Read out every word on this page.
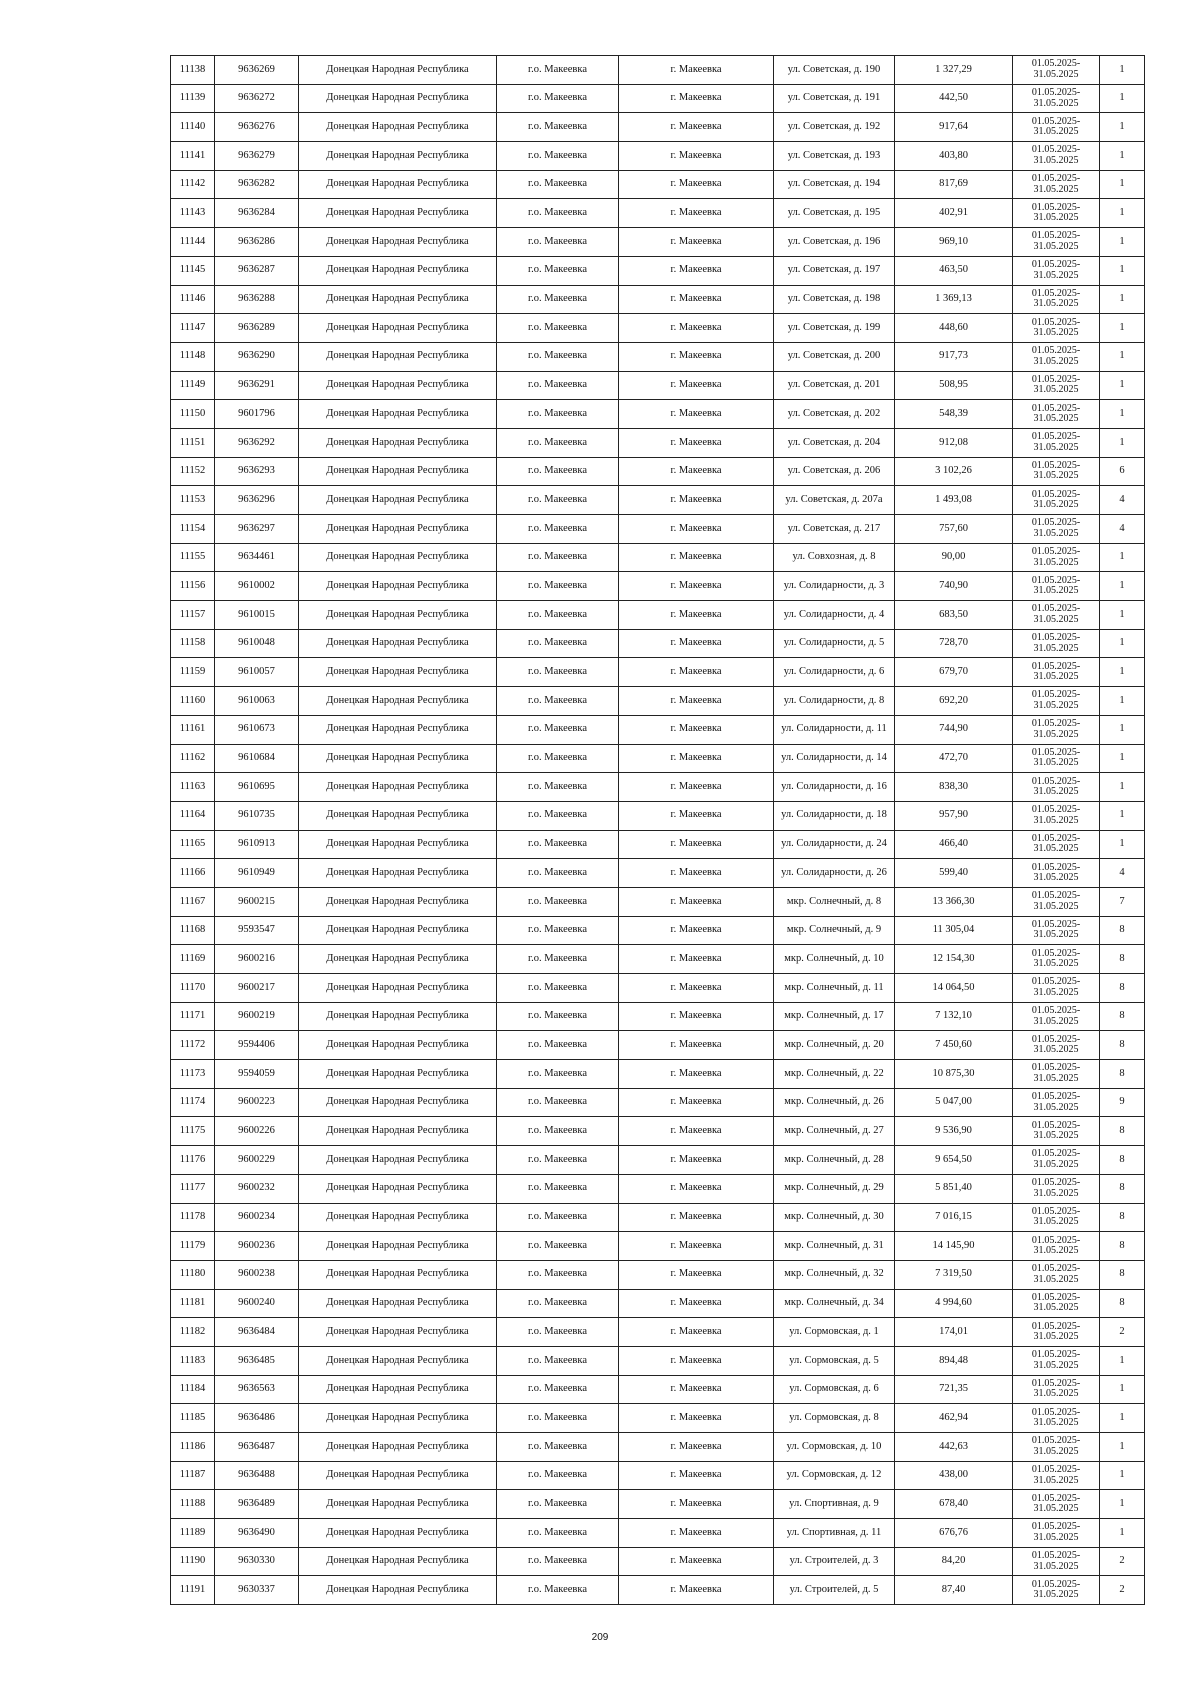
11138	9636269	Донецкая Народная Республика	г.о. Макеевка	г. Макеевка	ул. Советская, д. 190	1 327,29	01.05.2025-
31.05.2025	1
11139	9636272	Донецкая Народная Республика	г.о. Макеевка	г. Макеевка	ул. Советская, д. 191	442,50	01.05.2025-
31.05.2025	1
11140	9636276	Донецкая Народная Республика	г.о. Макеевка	г. Макеевка	ул. Советская, д. 192	917,64	01.05.2025-
31.05.2025	1
11141	9636279	Донецкая Народная Республика	г.о. Макеевка	г. Макеевка	ул. Советская, д. 193	403,80	01.05.2025-
31.05.2025	1
11142	9636282	Донецкая Народная Республика	г.о. Макеевка	г. Макеевка	ул. Советская, д. 194	817,69	01.05.2025-
31.05.2025	1
11143	9636284	Донецкая Народная Республика	г.о. Макеевка	г. Макеевка	ул. Советская, д. 195	402,91	01.05.2025-
31.05.2025	1
11144	9636286	Донецкая Народная Республика	г.о. Макеевка	г. Макеевка	ул. Советская, д. 196	969,10	01.05.2025-
31.05.2025	1
11145	9636287	Донецкая Народная Республика	г.о. Макеевка	г. Макеевка	ул. Советская, д. 197	463,50	01.05.2025-
31.05.2025	1
11146	9636288	Донецкая Народная Республика	г.о. Макеевка	г. Макеевка	ул. Советская, д. 198	1 369,13	01.05.2025-
31.05.2025	1
11147	9636289	Донецкая Народная Республика	г.о. Макеевка	г. Макеевка	ул. Советская, д. 199	448,60	01.05.2025-
31.05.2025	1
11148	9636290	Донецкая Народная Республика	г.о. Макеевка	г. Макеевка	ул. Советская, д. 200	917,73	01.05.2025-
31.05.2025	1
11149	9636291	Донецкая Народная Республика	г.о. Макеевка	г. Макеевка	ул. Советская, д. 201	508,95	01.05.2025-
31.05.2025	1
11150	9601796	Донецкая Народная Республика	г.о. Макеевка	г. Макеевка	ул. Советская, д. 202	548,39	01.05.2025-
31.05.2025	1
11151	9636292	Донецкая Народная Республика	г.о. Макеевка	г. Макеевка	ул. Советская, д. 204	912,08	01.05.2025-
31.05.2025	1
11152	9636293	Донецкая Народная Республика	г.о. Макеевка	г. Макеевка	ул. Советская, д. 206	3 102,26	01.05.2025-
31.05.2025	6
11153	9636296	Донецкая Народная Республика	г.о. Макеевка	г. Макеевка	ул. Советская, д. 207а	1 493,08	01.05.2025-
31.05.2025	4
11154	9636297	Донецкая Народная Республика	г.о. Макеевка	г. Макеевка	ул. Советская, д. 217	757,60	01.05.2025-
31.05.2025	4
11155	9634461	Донецкая Народная Республика	г.о. Макеевка	г. Макеевка	ул. Совхозная, д. 8	90,00	01.05.2025-
31.05.2025	1
11156	9610002	Донецкая Народная Республика	г.о. Макеевка	г. Макеевка	ул. Солидарности, д. 3	740,90	01.05.2025-
31.05.2025	1
11157	9610015	Донецкая Народная Республика	г.о. Макеевка	г. Макеевка	ул. Солидарности, д. 4	683,50	01.05.2025-
31.05.2025	1
11158	9610048	Донецкая Народная Республика	г.о. Макеевка	г. Макеевка	ул. Солидарности, д. 5	728,70	01.05.2025-
31.05.2025	1
11159	9610057	Донецкая Народная Республика	г.о. Макеевка	г. Макеевка	ул. Солидарности, д. 6	679,70	01.05.2025-
31.05.2025	1
11160	9610063	Донецкая Народная Республика	г.о. Макеевка	г. Макеевка	ул. Солидарности, д. 8	692,20	01.05.2025-
31.05.2025	1
11161	9610673	Донецкая Народная Республика	г.о. Макеевка	г. Макеевка	ул. Солидарности, д. 11	744,90	01.05.2025-
31.05.2025	1
11162	9610684	Донецкая Народная Республика	г.о. Макеевка	г. Макеевка	ул. Солидарности, д. 14	472,70	01.05.2025-
31.05.2025	1
11163	9610695	Донецкая Народная Республика	г.о. Макеевка	г. Макеевка	ул. Солидарности, д. 16	838,30	01.05.2025-
31.05.2025	1
11164	9610735	Донецкая Народная Республика	г.о. Макеевка	г. Макеевка	ул. Солидарности, д. 18	957,90	01.05.2025-
31.05.2025	1
11165	9610913	Донецкая Народная Республика	г.о. Макеевка	г. Макеевка	ул. Солидарности, д. 24	466,40	01.05.2025-
31.05.2025	1
11166	9610949	Донецкая Народная Республика	г.о. Макеевка	г. Макеевка	ул. Солидарности, д. 26	599,40	01.05.2025-
31.05.2025	4
11167	9600215	Донецкая Народная Республика	г.о. Макеевка	г. Макеевка	мкр. Солнечный, д. 8	13 366,30	01.05.2025-
31.05.2025	7
11168	9593547	Донецкая Народная Республика	г.о. Макеевка	г. Макеевка	мкр. Солнечный, д. 9	11 305,04	01.05.2025-
31.05.2025	8
11169	9600216	Донецкая Народная Республика	г.о. Макеевка	г. Макеевка	мкр. Солнечный, д. 10	12 154,30	01.05.2025-
31.05.2025	8
11170	9600217	Донецкая Народная Республика	г.о. Макеевка	г. Макеевка	мкр. Солнечный, д. 11	14 064,50	01.05.2025-
31.05.2025	8
11171	9600219	Донецкая Народная Республика	г.о. Макеевка	г. Макеевка	мкр. Солнечный, д. 17	7 132,10	01.05.2025-
31.05.2025	8
11172	9594406	Донецкая Народная Республика	г.о. Макеевка	г. Макеевка	мкр. Солнечный, д. 20	7 450,60	01.05.2025-
31.05.2025	8
11173	9594059	Донецкая Народная Республика	г.о. Макеевка	г. Макеевка	мкр. Солнечный, д. 22	10 875,30	01.05.2025-
31.05.2025	8
11174	9600223	Донецкая Народная Республика	г.о. Макеевка	г. Макеевка	мкр. Солнечный, д. 26	5 047,00	01.05.2025-
31.05.2025	9
11175	9600226	Донецкая Народная Республика	г.о. Макеевка	г. Макеевка	мкр. Солнечный, д. 27	9 536,90	01.05.2025-
31.05.2025	8
11176	9600229	Донецкая Народная Республика	г.о. Макеевка	г. Макеевка	мкр. Солнечный, д. 28	9 654,50	01.05.2025-
31.05.2025	8
11177	9600232	Донецкая Народная Республика	г.о. Макеевка	г. Макеевка	мкр. Солнечный, д. 29	5 851,40	01.05.2025-
31.05.2025	8
11178	9600234	Донецкая Народная Республика	г.о. Макеевка	г. Макеевка	мкр. Солнечный, д. 30	7 016,15	01.05.2025-
31.05.2025	8
11179	9600236	Донецкая Народная Республика	г.о. Макеевка	г. Макеевка	мкр. Солнечный, д. 31	14 145,90	01.05.2025-
31.05.2025	8
11180	9600238	Донецкая Народная Республика	г.о. Макеевка	г. Макеевка	мкр. Солнечный, д. 32	7 319,50	01.05.2025-
31.05.2025	8
11181	9600240	Донецкая Народная Республика	г.о. Макеевка	г. Макеевка	мкр. Солнечный, д. 34	4 994,60	01.05.2025-
31.05.2025	8
11182	9636484	Донецкая Народная Республика	г.о. Макеевка	г. Макеевка	ул. Сормовская, д. 1	174,01	01.05.2025-
31.05.2025	2
11183	9636485	Донецкая Народная Республика	г.о. Макеевка	г. Макеевка	ул. Сормовская, д. 5	894,48	01.05.2025-
31.05.2025	1
11184	9636563	Донецкая Народная Республика	г.о. Макеевка	г. Макеевка	ул. Сормовская, д. 6	721,35	01.05.2025-
31.05.2025	1
11185	9636486	Донецкая Народная Республика	г.о. Макеевка	г. Макеевка	ул. Сормовская, д. 8	462,94	01.05.2025-
31.05.2025	1
11186	9636487	Донецкая Народная Республика	г.о. Макеевка	г. Макеевка	ул. Сормовская, д. 10	442,63	01.05.2025-
31.05.2025	1
11187	9636488	Донецкая Народная Республика	г.о. Макеевка	г. Макеевка	ул. Сормовская, д. 12	438,00	01.05.2025-
31.05.2025	1
11188	9636489	Донецкая Народная Республика	г.о. Макеевка	г. Макеевка	ул. Спортивная, д. 9	678,40	01.05.2025-
31.05.2025	1
11189	9636490	Донецкая Народная Республика	г.о. Макеевка	г. Макеевка	ул. Спортивная, д. 11	676,76	01.05.2025-
31.05.2025	1
11190	9630330	Донецкая Народная Республика	г.о. Макеевка	г. Макеевка	ул. Строителей, д. 3	84,20	01.05.2025-
31.05.2025	2
11191	9630337	Донецкая Народная Республика	г.о. Макеевка	г. Макеевка	ул. Строителей, д. 5	87,40	01.05.2025-
31.05.2025	2
209
